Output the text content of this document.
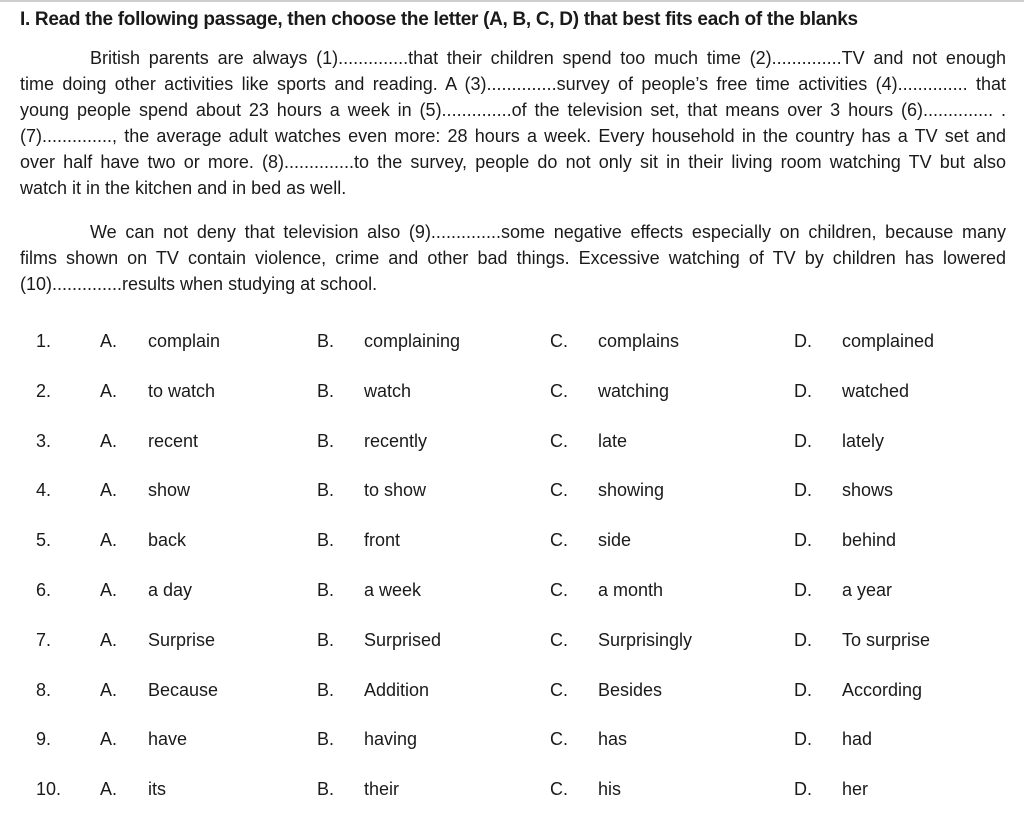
I. Read the following passage, then choose the letter (A, B, C, D) that best fits each of the blanks

British parents are always (1)..............that their children spend too much time (2)..............TV and not enough
time doing other activities like sports and reading. A (3)..............survey of people’s free time activities (4).............. that
young people spend about 23 hours a week in (5)..............of the television set, that means over 3 hours (6).............. .
(7).............., the average adult watches even more: 28 hours a week. Every household in the country has a TV set and
over half have two or more. (8)..............to the survey, people do not only sit in their living room watching TV but also
watch it in the kitchen and in bed as well.

We can not deny that television also (9)..............some negative effects especially on children, because many
films shown on TV contain violence, crime and other bad things. Excessive watching of TV by children has lowered
(10)..............results when studying at school.

1.	A. complain	B. complaining	C. complains	D. complained
2.	A. to watch	B. watch	C. watching	D. watched
3.	A. recent	B. recently	C. late	D. lately
4.	A. show	B. to show	C. showing	D. shows
5.	A. back	B. front	C. side	D. behind
6.	A. a day	B. a week	C. a month	D. a year
7.	A. Surprise	B. Surprised	C. Surprisingly	D. To surprise
8.	A. Because	B. Addition	C. Besides	D. According
9.	A. have	B. having	C. has	D. had
10. A. its	B. their	C. his	D. her
